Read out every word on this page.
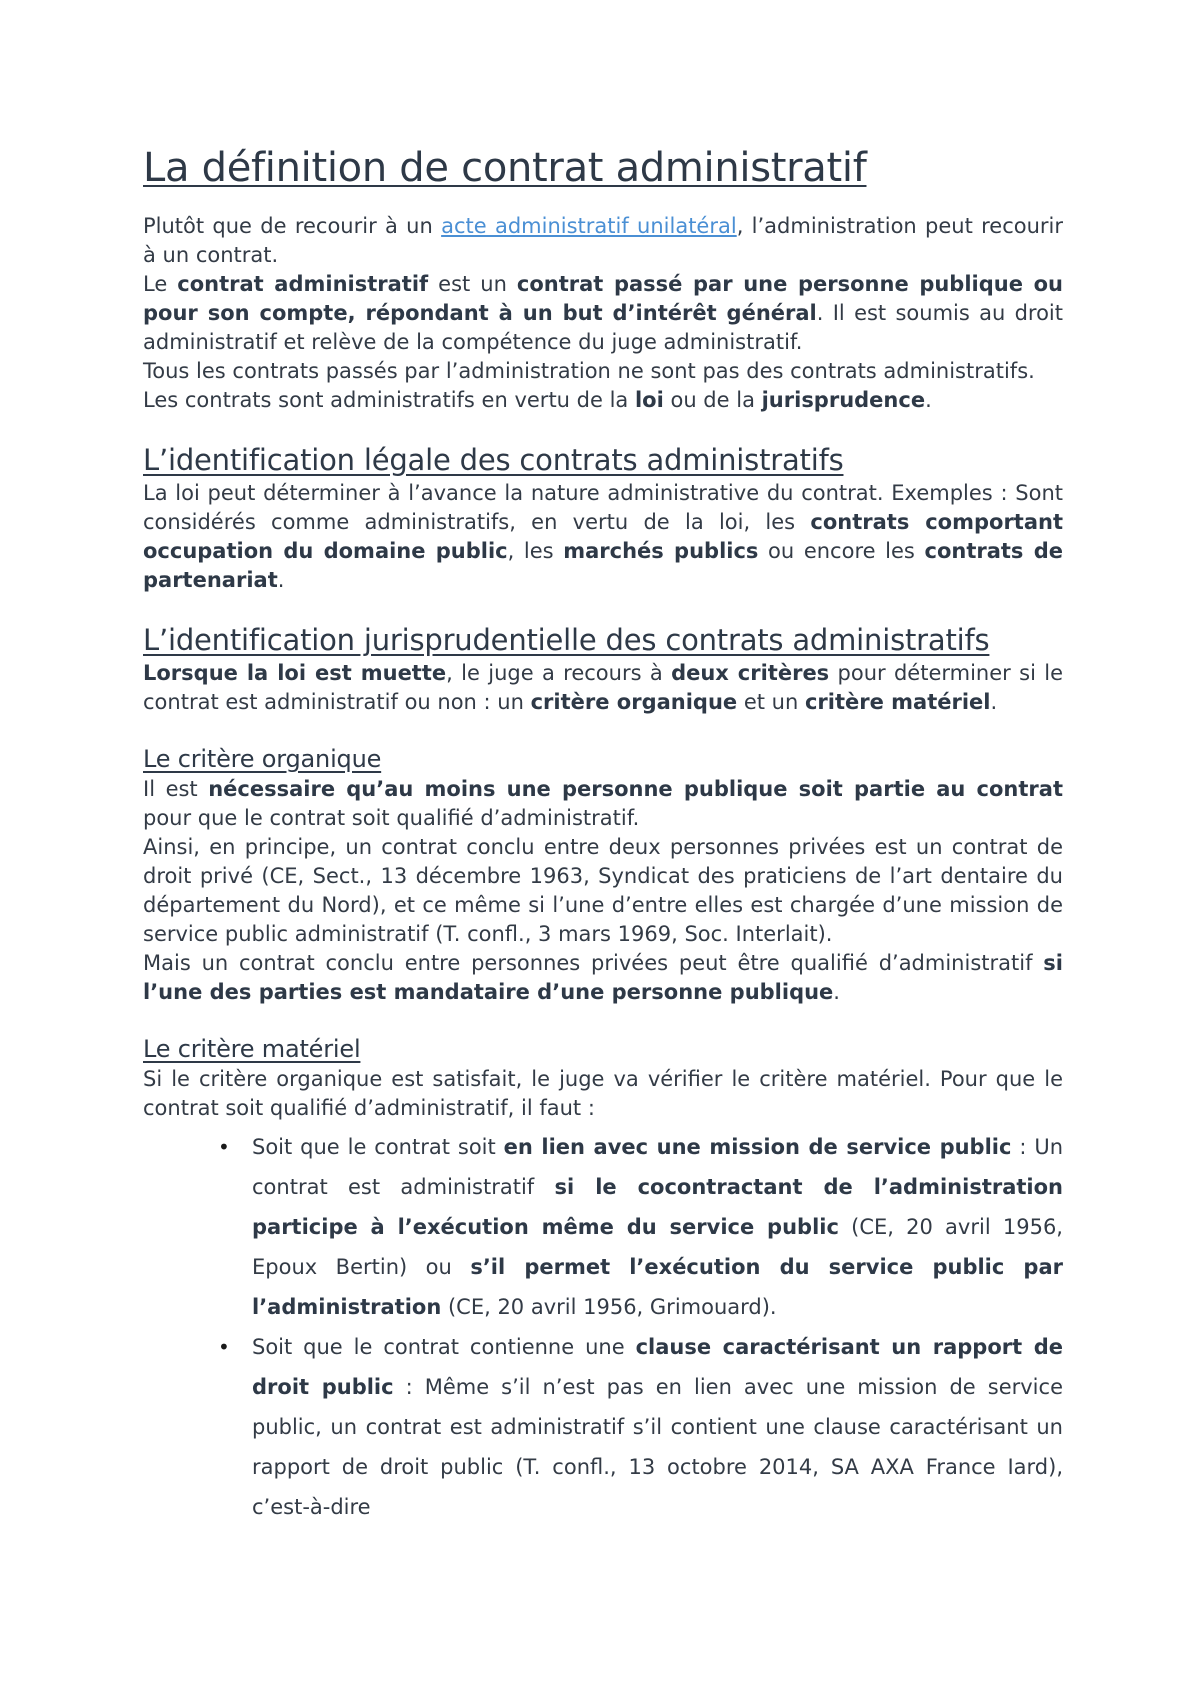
La définition de contrat administratif

Plutôt que de recourir à un acte administratif unilatéral, l’administration peut recourir à un contrat.

Le contrat administratif est un contrat passé par une personne publique ou pour son compte, répondant à un but d’intérêt général. Il est soumis au droit administratif et relève de la compétence du juge administratif.

Tous les contrats passés par l’administration ne sont pas des contrats administratifs.

Les contrats sont administratifs en vertu de la loi ou de la jurisprudence.

L’identification légale des contrats administratifs

La loi peut déterminer à l’avance la nature administrative du contrat. Exemples : Sont considérés comme administratifs, en vertu de la loi, les contrats comportant occupation du domaine public, les marchés publics ou encore les contrats de partenariat.

L’identification jurisprudentielle des contrats administratifs

Lorsque la loi est muette, le juge a recours à deux critères pour déterminer si le contrat est administratif ou non : un critère organique et un critère matériel.

Le critère organique

Il est nécessaire qu’au moins une personne publique soit partie au contrat pour que le contrat soit qualifié d’administratif.

Ainsi, en principe, un contrat conclu entre deux personnes privées est un contrat de droit privé (CE, Sect., 13 décembre 1963, Syndicat des praticiens de l’art dentaire du département du Nord), et ce même si l’une d’entre elles est chargée d’une mission de service public administratif (T. confl., 3 mars 1969, Soc. Interlait).

Mais un contrat conclu entre personnes privées peut être qualifié d’administratif si l’une des parties est mandataire d’une personne publique.

Le critère matériel

Si le critère organique est satisfait, le juge va vérifier le critère matériel. Pour que le contrat soit qualifié d’administratif, il faut :

• Soit que le contrat soit en lien avec une mission de service public : Un contrat est administratif si le cocontractant de l’administration participe à l’exécution même du service public (CE, 20 avril 1956, Epoux Bertin) ou s’il permet l’exécution du service public par l’administration (CE, 20 avril 1956, Grimouard).
• Soit que le contrat contienne une clause caractérisant un rapport de droit public : Même s’il n’est pas en lien avec une mission de service public, un contrat est administratif s’il contient une clause caractérisant un rapport de droit public (T. confl., 13 octobre 2014, SA AXA France Iard), c’est-à-dire
